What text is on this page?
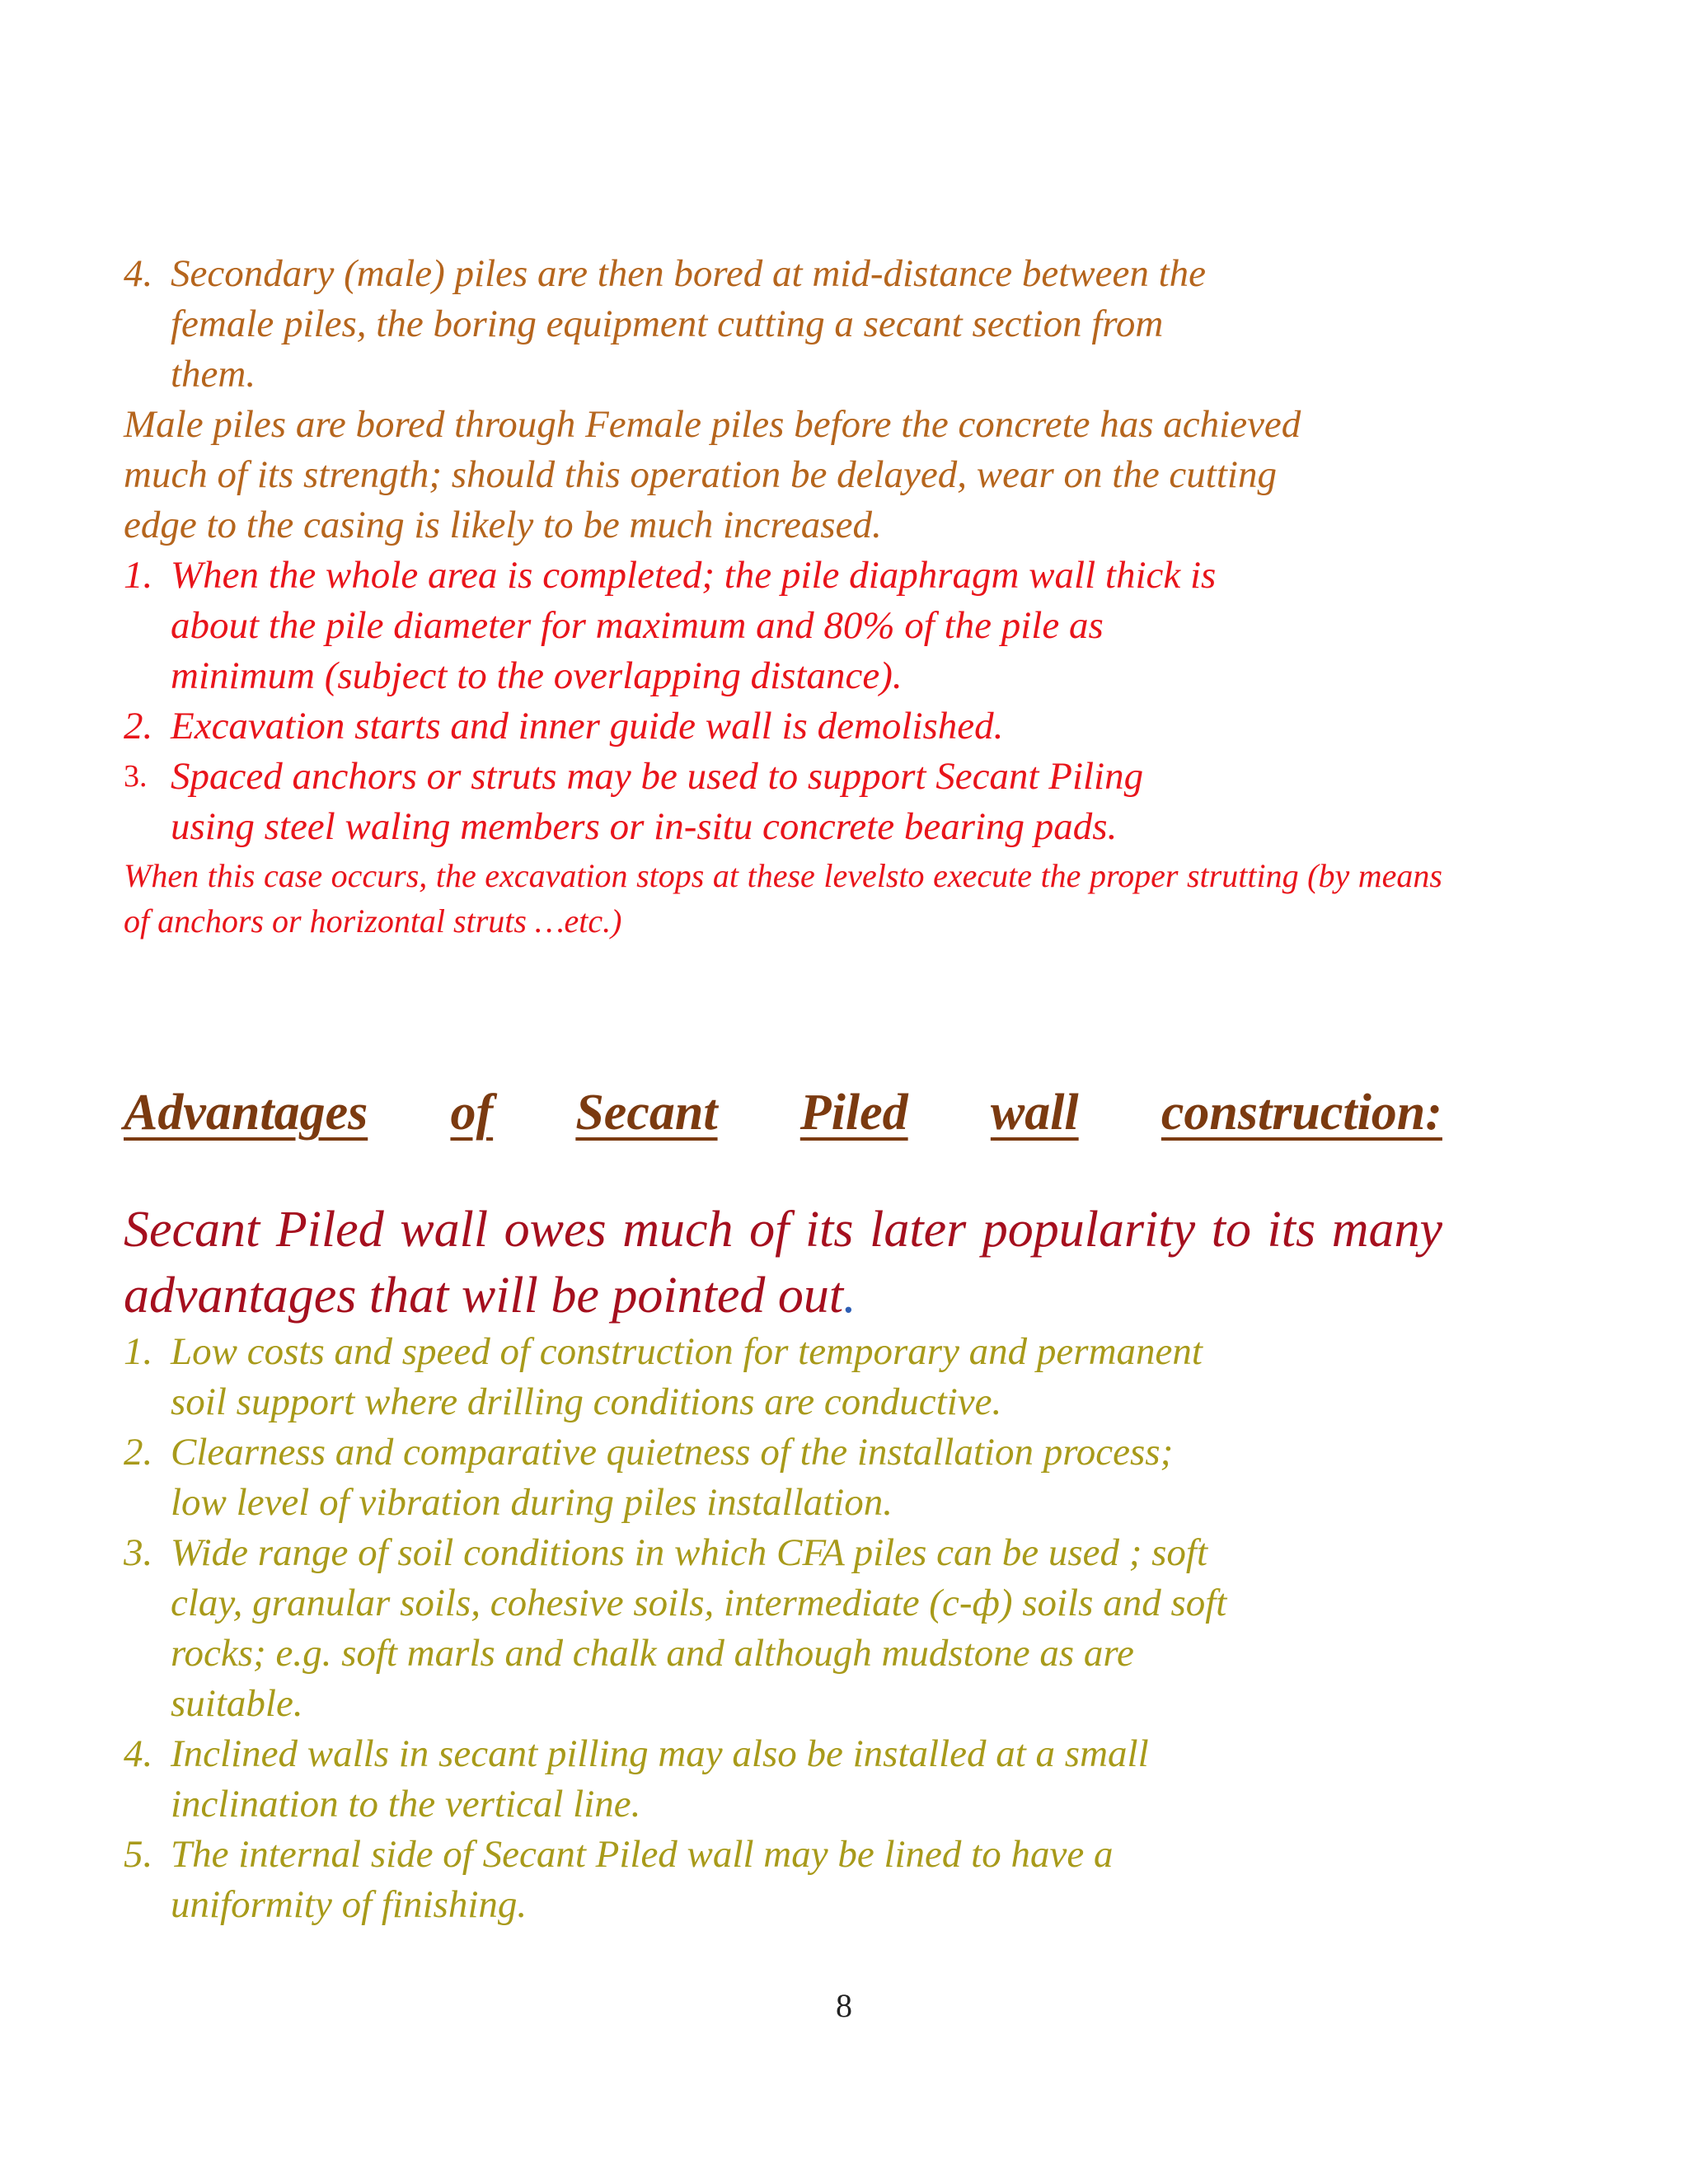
4. Secondary (male) piles are then bored at mid-distance between the
female piles, the boring equipment cutting a secant section from
them.
Male piles are bored through Female piles before the concrete has achieved
much of its strength; should this operation be delayed, wear on the cutting
edge to the casing is likely to be much increased.
1. When the whole area is completed; the pile diaphragm wall thick is
about the pile diameter for maximum and 80% of the pile as
minimum (subject to the overlapping distance).
2. Excavation starts and inner guide wall is demolished.
3. Spaced anchors or struts may be used to support Secant Piling
using steel waling members or in-situ concrete bearing pads.

When this case occurs, the excavation stops at these levelsto execute the proper strutting (by means of anchors or horizontal struts …etc.)

Advantages of Secant Piled wall construction:

Secant Piled wall owes much of its later popularity to its many advantages that will be pointed out.

1. Low costs and speed of construction for temporary and permanent
soil support where drilling conditions are conductive.
2. Clearness and comparative quietness of the installation process;
low level of vibration during piles installation.
3. Wide range of soil conditions in which CFA piles can be used ; soft
clay, granular soils, cohesive soils, intermediate (c-ф) soils and soft
rocks; e.g. soft marls and chalk and although mudstone as are
suitable.
4. Inclined walls in secant pilling may also be installed at a small
inclination to the vertical line.
5. The internal side of Secant Piled wall may be lined to have a
uniformity of finishing.
8
